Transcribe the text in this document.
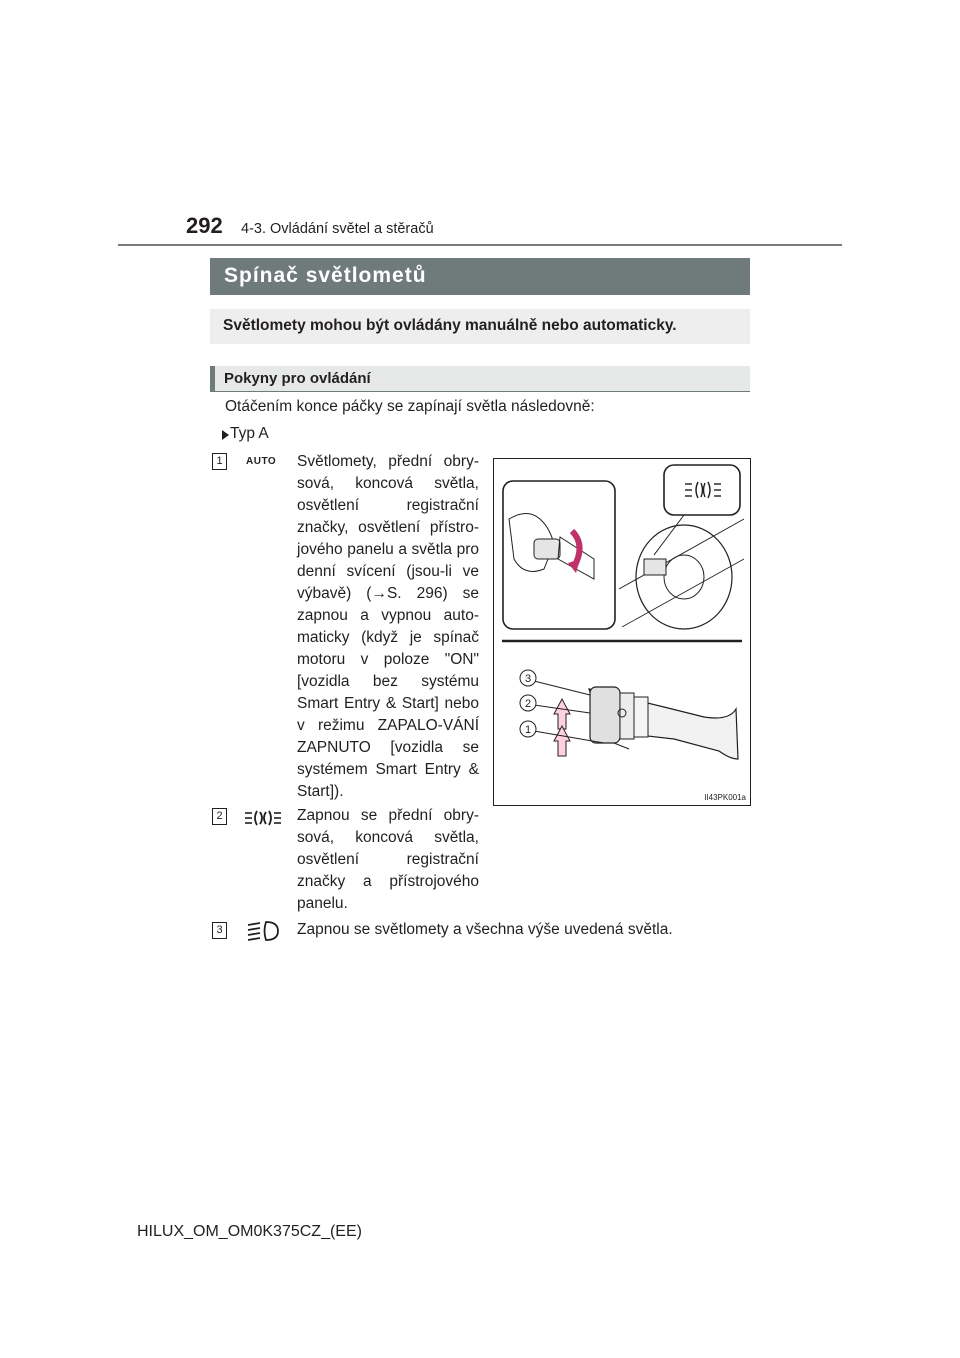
292 4-3. Ovládání světel a stěračů
Spínač světlometů
Světlomety mohou být ovládány manuálně nebo automaticky.
Pokyny pro ovládání
Otáčením konce páčky se zapínají světla následovně:
Typ A
1	AUTO Světlomety, přední obry-sová, koncová světla, osvětlení registrační značky, osvětlení přístro-jového panelu a světla pro denní svícení (jsou-li ve výbavě) (→S. 296) se zapnou a vypnou auto-maticky (když je spínač motoru v poloze "ON" [vozidla bez systému Smart Entry & Start] nebo v režimu ZAPALO-VÁNÍ ZAPNUTO [vozidla se systémem Smart Entry & Start]).
2	Zapnou se přední obry-sová, koncová světla, osvětlení registrační značky a přístrojového panelu.
3	Zapnou se světlomety a všechna výše uvedená světla.
3
2
1
II43PK001a
HILUX_OM_OM0K375CZ_(EE)
